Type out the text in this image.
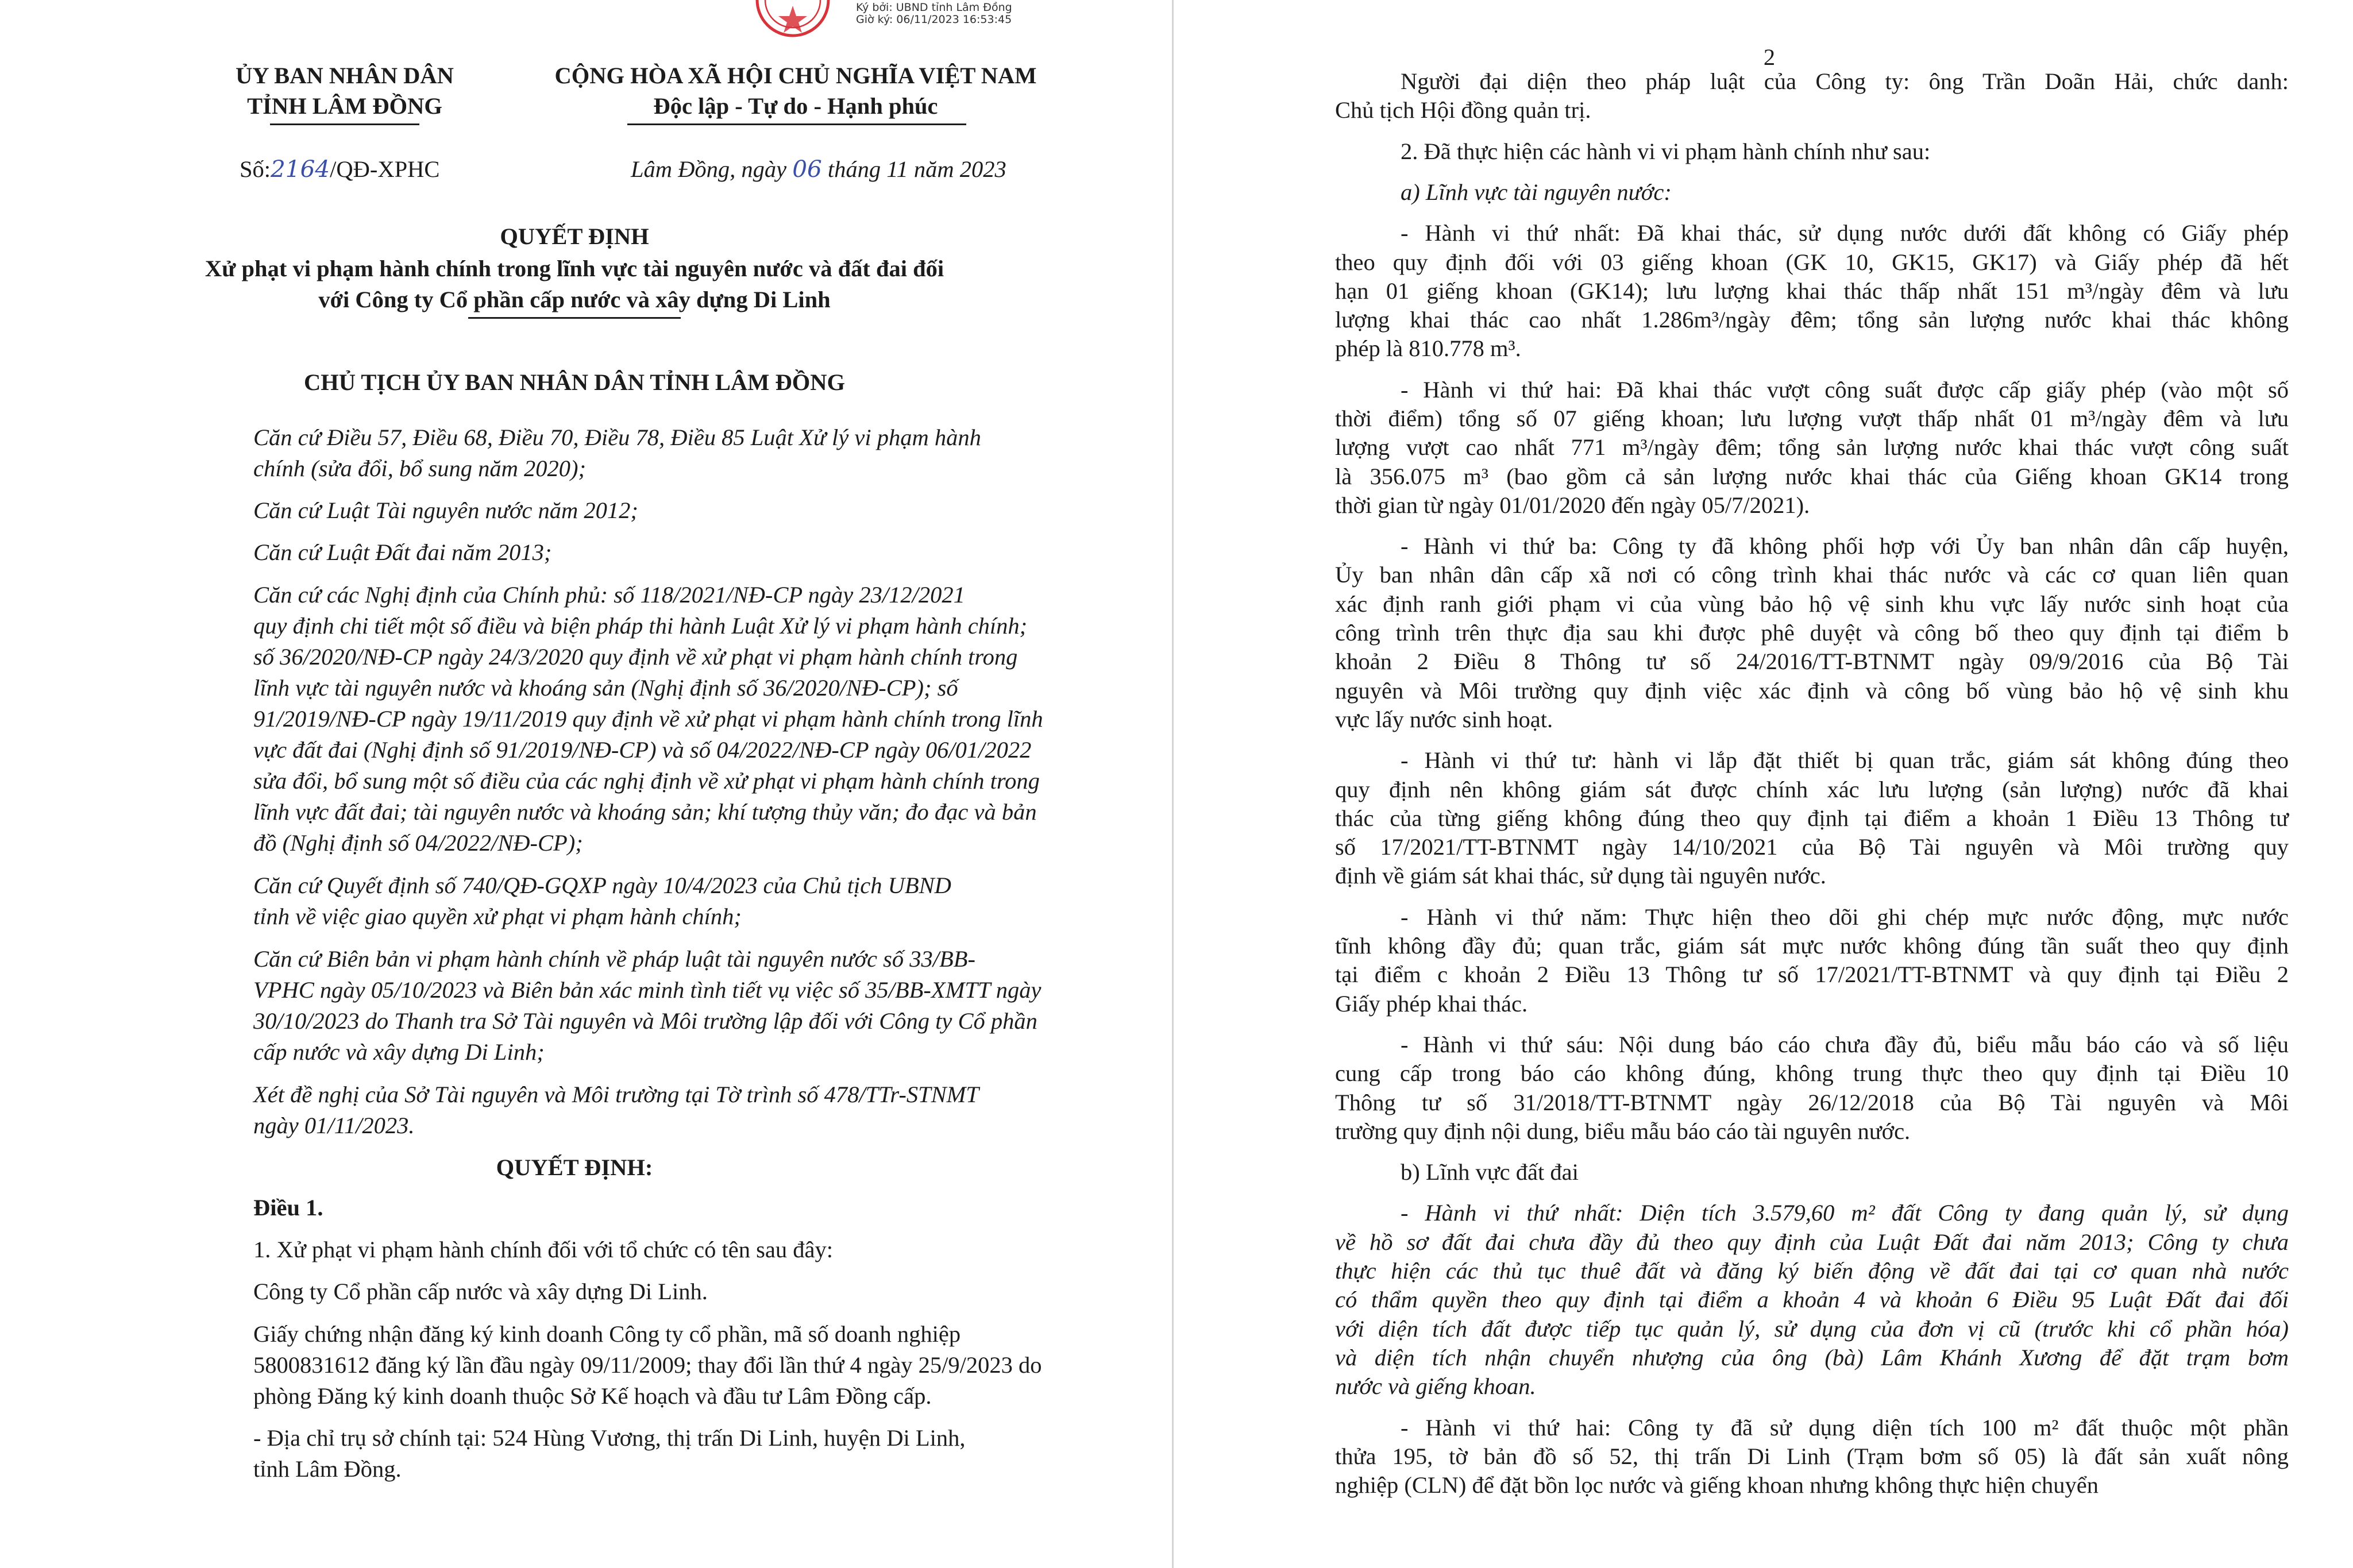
Ký bởi: UBND tỉnh Lâm Đồng
Giờ ký: 06/11/2023 16:53:45
ỦY BAN NHÂN DÂN
TỈNH LÂM ĐỒNG
CỘNG HÒA XÃ HỘI CHỦ NGHĨA VIỆT NAM
Độc lập - Tự do - Hạnh phúc
Số:2164/QĐ-XPHC	Lâm Đồng, ngày 06 tháng 11 năm 2023
QUYẾT ĐỊNH
Xử phạt vi phạm hành chính trong lĩnh vực tài nguyên nước và đất đai đối
với Công ty Cổ phần cấp nước và xây dựng Di Linh
CHỦ TỊCH ỦY BAN NHÂN DÂN TỈNH LÂM ĐỒNG
Căn cứ Điều 57, Điều 68, Điều 70, Điều 78, Điều 85 Luật Xử lý vi phạm hành
chính (sửa đổi, bổ sung năm 2020);
Căn cứ Luật Tài nguyên nước năm 2012;
Căn cứ Luật Đất đai năm 2013;
Căn cứ các Nghị định của Chính phủ: số 118/2021/NĐ-CP ngày 23/12/2021
quy định chi tiết một số điều và biện pháp thi hành Luật Xử lý vi phạm hành chính;
số 36/2020/NĐ-CP ngày 24/3/2020 quy định về xử phạt vi phạm hành chính trong
lĩnh vực tài nguyên nước và khoáng sản (Nghị định số 36/2020/NĐ-CP); số
91/2019/NĐ-CP ngày 19/11/2019 quy định về xử phạt vi phạm hành chính trong lĩnh
vực đất đai (Nghị định số 91/2019/NĐ-CP) và số 04/2022/NĐ-CP ngày 06/01/2022
sửa đổi, bổ sung một số điều của các nghị định về xử phạt vi phạm hành chính trong
lĩnh vực đất đai; tài nguyên nước và khoáng sản; khí tượng thủy văn; đo đạc và bản
đồ (Nghị định số 04/2022/NĐ-CP);
Căn cứ Quyết định số 740/QĐ-GQXP ngày 10/4/2023 của Chủ tịch UBND
tỉnh về việc giao quyền xử phạt vi phạm hành chính;
Căn cứ Biên bản vi phạm hành chính về pháp luật tài nguyên nước số 33/BB-
VPHC ngày 05/10/2023 và Biên bản xác minh tình tiết vụ việc số 35/BB-XMTT ngày
30/10/2023 do Thanh tra Sở Tài nguyên và Môi trường lập đối với Công ty Cổ phần
cấp nước và xây dựng Di Linh;
Xét đề nghị của Sở Tài nguyên và Môi trường tại Tờ trình số 478/TTr-STNMT
ngày 01/11/2023.
QUYẾT ĐỊNH:
Điều 1.
1. Xử phạt vi phạm hành chính đối với tổ chức có tên sau đây:
Công ty Cổ phần cấp nước và xây dựng Di Linh.
Giấy chứng nhận đăng ký kinh doanh Công ty cổ phần, mã số doanh nghiệp
5800831612 đăng ký lần đầu ngày 09/11/2009; thay đổi lần thứ 4 ngày 25/9/2023 do
phòng Đăng ký kinh doanh thuộc Sở Kế hoạch và đầu tư Lâm Đồng cấp.
- Địa chỉ trụ sở chính tại: 524 Hùng Vương, thị trấn Di Linh, huyện Di Linh,
tỉnh Lâm Đồng.
2
Người đại diện theo pháp luật của Công ty: ông Trần Doãn Hải, chức danh:
Chủ tịch Hội đồng quản trị.
2. Đã thực hiện các hành vi vi phạm hành chính như sau:
a) Lĩnh vực tài nguyên nước:
- Hành vi thứ nhất: Đã khai thác, sử dụng nước dưới đất không có Giấy phép
theo quy định đối với 03 giếng khoan (GK 10, GK15, GK17) và Giấy phép đã hết
hạn 01 giếng khoan (GK14); lưu lượng khai thác thấp nhất 151 m³/ngày đêm và lưu
lượng khai thác cao nhất 1.286m³/ngày đêm; tổng sản lượng nước khai thác không
phép là 810.778 m³.
- Hành vi thứ hai: Đã khai thác vượt công suất được cấp giấy phép (vào một số
thời điểm) tổng số 07 giếng khoan; lưu lượng vượt thấp nhất 01 m³/ngày đêm và lưu
lượng vượt cao nhất 771 m³/ngày đêm; tổng sản lượng nước khai thác vượt công suất
là 356.075 m³ (bao gồm cả sản lượng nước khai thác của Giếng khoan GK14 trong
thời gian từ ngày 01/01/2020 đến ngày 05/7/2021).
- Hành vi thứ ba: Công ty đã không phối hợp với Ủy ban nhân dân cấp huyện,
Ủy ban nhân dân cấp xã nơi có công trình khai thác nước và các cơ quan liên quan
xác định ranh giới phạm vi của vùng bảo hộ vệ sinh khu vực lấy nước sinh hoạt của
công trình trên thực địa sau khi được phê duyệt và công bố theo quy định tại điểm b
khoản 2 Điều 8 Thông tư số 24/2016/TT-BTNMT ngày 09/9/2016 của Bộ Tài
nguyên và Môi trường quy định việc xác định và công bố vùng bảo hộ vệ sinh khu
vực lấy nước sinh hoạt.
- Hành vi thứ tư: hành vi lắp đặt thiết bị quan trắc, giám sát không đúng theo
quy định nên không giám sát được chính xác lưu lượng (sản lượng) nước đã khai
thác của từng giếng không đúng theo quy định tại điểm a khoản 1 Điều 13 Thông tư
số 17/2021/TT-BTNMT ngày 14/10/2021 của Bộ Tài nguyên và Môi trường quy
định về giám sát khai thác, sử dụng tài nguyên nước.
- Hành vi thứ năm: Thực hiện theo dõi ghi chép mực nước động, mực nước
tĩnh không đầy đủ; quan trắc, giám sát mực nước không đúng tần suất theo quy định
tại điểm c khoản 2 Điều 13 Thông tư số 17/2021/TT-BTNMT và quy định tại Điều 2
Giấy phép khai thác.
- Hành vi thứ sáu: Nội dung báo cáo chưa đầy đủ, biểu mẫu báo cáo và số liệu
cung cấp trong báo cáo không đúng, không trung thực theo quy định tại Điều 10
Thông tư số 31/2018/TT-BTNMT ngày 26/12/2018 của Bộ Tài nguyên và Môi
trường quy định nội dung, biểu mẫu báo cáo tài nguyên nước.
b) Lĩnh vực đất đai
- Hành vi thứ nhất: Diện tích 3.579,60 m² đất Công ty đang quản lý, sử dụng
về hồ sơ đất đai chưa đầy đủ theo quy định của Luật Đất đai năm 2013; Công ty chưa
thực hiện các thủ tục thuê đất và đăng ký biến động về đất đai tại cơ quan nhà nước
có thẩm quyền theo quy định tại điểm a khoản 4 và khoản 6 Điều 95 Luật Đất đai đối
với diện tích đất được tiếp tục quản lý, sử dụng của đơn vị cũ (trước khi cổ phần hóa)
và diện tích nhận chuyển nhượng của ông (bà) Lâm Khánh Xương để đặt trạm bơm
nước và giếng khoan.
- Hành vi thứ hai: Công ty đã sử dụng diện tích 100 m² đất thuộc một phần
thửa 195, tờ bản đồ số 52, thị trấn Di Linh (Trạm bơm số 05) là đất sản xuất nông
nghiệp (CLN) để đặt bồn lọc nước và giếng khoan nhưng không thực hiện chuyển
